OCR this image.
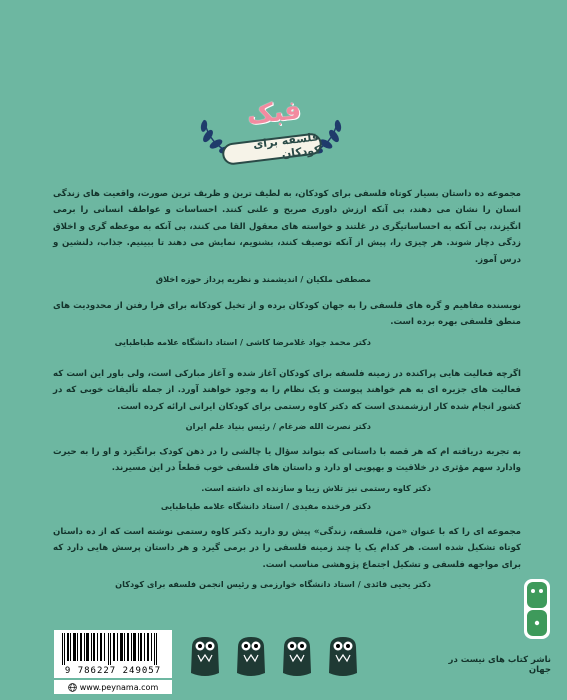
فبک
فلسفه برای کودکان

مجموعه ده داستان بسیار کوتاه فلسفی برای کودکان، به لطیف ترین و ظریف ترین صورت، واقعیت های زندگی انسان را نشان می دهند، بی آنکه ارزش داوری صریح و علنی کنند. احساسات و عواطف انسانی را برمی انگیزند، بی آنکه به احساساتیگری در غلتند و خواسته های معقول القا می کنند، بی آنکه به موعظه گری و اخلاق زدگی دچار شوند. هر چیزی را، پیش از آنکه توصیف کنند، بشنویم، نمایش می دهند تا ببینیم. جذاب، دلنشین و درس آموز.

مصطفی ملکیان / اندیشمند و نظریه پرداز حوزه اخلاق

نویسنده مفاهیم و گره های فلسفی را به جهان کودکان برده و از تخیل کودکانه برای فرا رفتن از محدودیت های منطق فلسفی بهره برده است.

دکتر محمد جواد غلامرضا کاشی / استاد دانشگاه علامه طباطبایی

اگرچه فعالیت هایی پراکنده در زمینه فلسفه برای کودکان آغاز شده و آغاز مبارکی است، ولی باور این است که فعالیت های جزیره ای به هم خواهند پیوست و یک نظام را به وجود خواهند آورد. از جمله تألیفات خوبی که در کشور انجام شده کار ارزشمندی است که دکتر کاوه رستمی برای کودکان ایرانی ارائه کرده است.

دکتر نصرت الله ضرغام / رئیس بنیاد علم ایران

به تجربه دریافته ام که هر قصه با داستانی که بتواند سؤال یا چالشی را در ذهن کودک برانگیزد و او را به حیرت وادارد سهم مؤثری در خلاقیت و بهپویی او دارد و داستان های فلسفی خوب قطعاً در این مسیرند.

دکتر کاوه رستمی نیز تلاش زیبا و سازنده ای داشته است.

دکتر فرخنده مفیدی / استاد دانشگاه علامه طباطبایی

مجموعه ای را که با عنوان «من، فلسفه، زندگی» پیش رو دارید دکتر کاوه رستمی نوشته است که از ده داستان کوتاه تشکیل شده است. هر کدام یک یا چند زمینه فلسفی را در برمی گیرد و هر داستان پرسش هایی دارد که برای مواجهه فلسفی و تشکیل اجتماع پژوهشی مناسب است.

دکتر یحیی قائدی / استاد دانشگاه خوارزمی و رئیس انجمن فلسفه برای کودکان

ناشر کتاب های نیست در جهان
9 786227 249057
www.peynama.com
